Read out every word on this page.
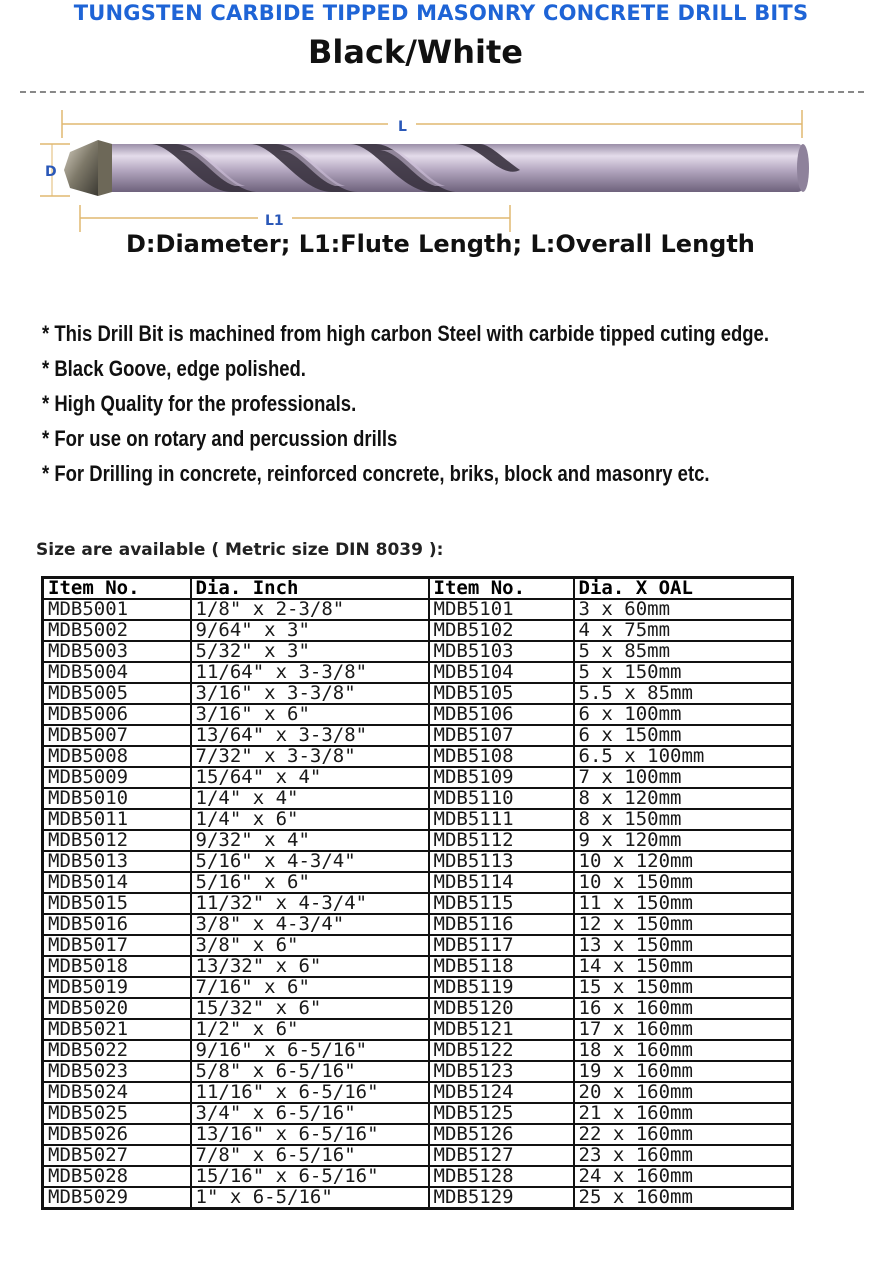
TUNGSTEN CARBIDE TIPPED MASONRY CONCRETE DRILL BITS
Black/White
L
D
L1
D:Diameter; L1:Flute Length; L:Overall Length
* This Drill Bit is machined from high carbon Steel with carbide tipped cuting edge.
* Black Goove, edge polished.
* High Quality for the professionals.
* For use on rotary and percussion drills
* For Drilling in concrete, reinforced concrete, briks, block and masonry etc.
Size are available ( Metric size DIN 8039 ):
Item No.	Dia. Inch	Item No.	Dia. X OAL
MDB5001	1/8" x 2-3/8"	MDB5101	3 x 60mm
MDB5002	9/64" x 3"	MDB5102	4 x 75mm
MDB5003	5/32" x 3"	MDB5103	5 x 85mm
MDB5004	11/64" x 3-3/8"	MDB5104	5 x 150mm
MDB5005	3/16" x 3-3/8"	MDB5105	5.5 x 85mm
MDB5006	3/16" x 6"	MDB5106	6 x 100mm
MDB5007	13/64" x 3-3/8"	MDB5107	6 x 150mm
MDB5008	7/32" x 3-3/8"	MDB5108	6.5 x 100mm
MDB5009	15/64" x 4"	MDB5109	7 x 100mm
MDB5010	1/4" x 4"	MDB5110	8 x 120mm
MDB5011	1/4" x 6"	MDB5111	8 x 150mm
MDB5012	9/32" x 4"	MDB5112	9 x 120mm
MDB5013	5/16" x 4-3/4"	MDB5113	10 x 120mm
MDB5014	5/16" x 6"	MDB5114	10 x 150mm
MDB5015	11/32" x 4-3/4"	MDB5115	11 x 150mm
MDB5016	3/8" x 4-3/4"	MDB5116	12 x 150mm
MDB5017	3/8" x 6"	MDB5117	13 x 150mm
MDB5018	13/32" x 6"	MDB5118	14 x 150mm
MDB5019	7/16" x 6"	MDB5119	15 x 150mm
MDB5020	15/32" x 6"	MDB5120	16 x 160mm
MDB5021	1/2" x 6"	MDB5121	17 x 160mm
MDB5022	9/16" x 6-5/16"	MDB5122	18 x 160mm
MDB5023	5/8" x 6-5/16"	MDB5123	19 x 160mm
MDB5024	11/16" x 6-5/16"	MDB5124	20 x 160mm
MDB5025	3/4" x 6-5/16"	MDB5125	21 x 160mm
MDB5026	13/16" x 6-5/16"	MDB5126	22 x 160mm
MDB5027	7/8" x 6-5/16"	MDB5127	23 x 160mm
MDB5028	15/16" x 6-5/16"	MDB5128	24 x 160mm
MDB5029	1" x 6-5/16"	MDB5129	25 x 160mm
